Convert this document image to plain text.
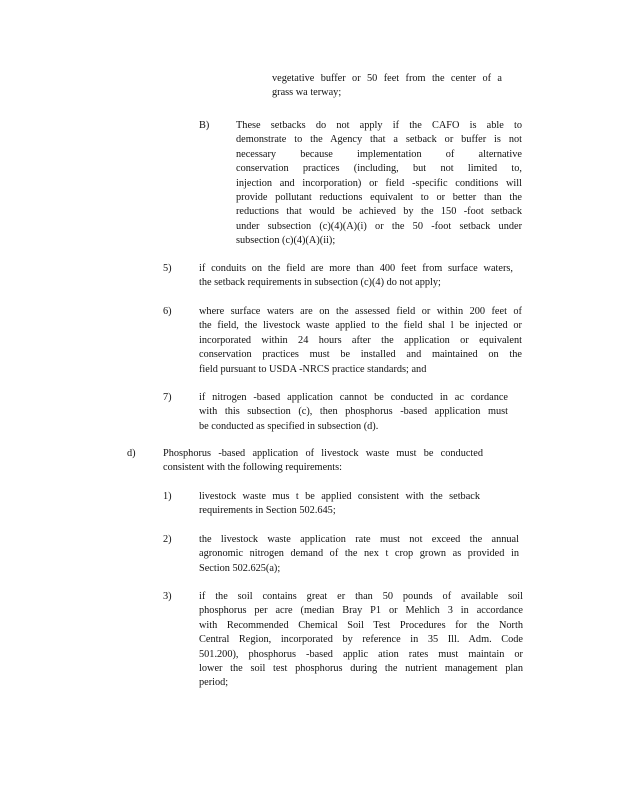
vegetative buffer or 50 feet from the center of a
grass wa terway;
B)	These setbacks do not apply if the CAFO is able to
demonstrate to the Agency that a setback or buffer is not
necessary because implementation of alternative
conservation practices (including, but not limited to,
injection and incorporation) or field -specific conditions will
provide pollutant reductions equivalent to or better than the
reductions that would be achieved by the 150 -foot setback
under subsection (c)(4)(A)(i) or the 50 -foot setback under
subsection (c)(4)(A)(ii);
5)	if conduits on the field are more than 400 feet from surface waters,
the setback requirements in subsection (c)(4) do not apply;
6)	where surface waters are on the assessed field or within 200 feet of
the field, the livestock waste applied to the field shal l be injected or
incorporated within 24 hours after the application or equivalent
conservation practices must be installed and maintained on the
field pursuant to USDA -NRCS practice standards; and
7)	if nitrogen -based application cannot be conducted in ac cordance
with this subsection (c), then phosphorus -based application must
be conducted as specified in subsection (d).
d)	Phosphorus -based application of livestock waste must be conducted
consistent with the following requirements:
1)	livestock waste mus t be applied consistent with the setback
requirements in Section 502.645;
2)	the livestock waste application rate must not exceed the annual
agronomic nitrogen demand of the nex t crop grown as provided in
Section 502.625(a);
3)	if the soil contains great er than 50 pounds of available soil
phosphorus per acre (median Bray P1 or Mehlich 3 in accordance
with Recommended Chemical Soil Test Procedures for the North
Central Region, incorporated by reference in 35 Ill. Adm. Code
501.200), phosphorus -based applic ation rates must maintain or
lower the soil test phosphorus during the nutrient management plan
period;
